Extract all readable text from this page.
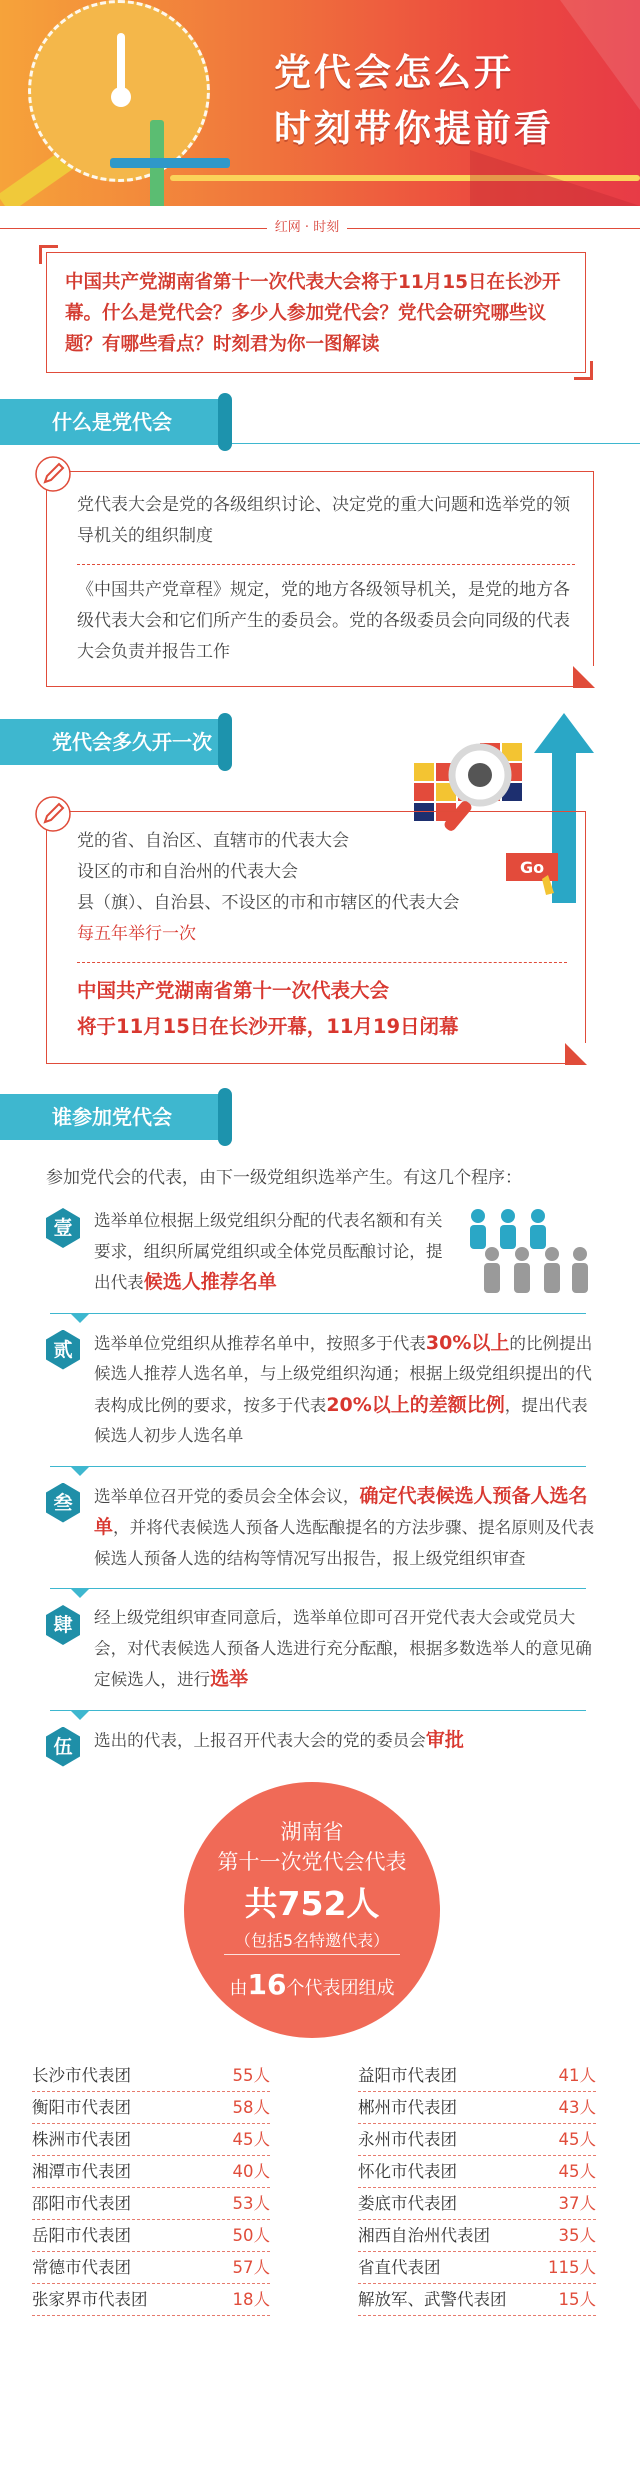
党代会怎么开
时刻带你提前看
红网 · 时刻
中国共产党湖南省第十一次代表大会将于11月15日在长沙开幕。什么是党代会？多少人参加党代会？党代会研究哪些议题？有哪些看点？时刻君为你一图解读
什么是党代会

党代表大会是党的各级组织讨论、决定党的重大问题和选举党的领导机关的组织制度

《中国共产党章程》规定，党的地方各级领导机关，是党的地方各级代表大会和它们所产生的委员会。党的各级委员会向同级的代表大会负责并报告工作

党代会多久开一次
Go
党的省、自治区、直辖市的代表大会
设区的市和自治州的代表大会
县（旗）、自治县、不设区的市和市辖区的代表大会
每五年举行一次
中国共产党湖南省第十一次代表大会
将于11月15日在长沙开幕，11月19日闭幕
谁参加党代会
参加党代会的代表，由下一级党组织选举产生。有这几个程序：
壹	选举单位根据上级党组织分配的代表名额和有关要求，组织所属党组织或全体党员酝酿讨论，提出代表候选人推荐名单
贰	选举单位党组织从推荐名单中，按照多于代表30%以上的比例提出候选人推荐人选名单，与上级党组织沟通；根据上级党组织提出的代表构成比例的要求，按多于代表20%以上的差额比例，提出代表候选人初步人选名单
叁	选举单位召开党的委员会全体会议，确定代表候选人预备人选名单，并将代表候选人预备人选酝酿提名的方法步骤、提名原则及代表候选人预备人选的结构等情况写出报告，报上级党组织审查
肆	经上级党组织审查同意后，选举单位即可召开党代表大会或党员大会，对代表候选人预备人选进行充分酝酿，根据多数选举人的意见确定候选人，进行选举
伍	选出的代表，上报召开代表大会的党的委员会审批
湖南省
第十一次党代会代表
共752人
（包括5名特邀代表）
由16个代表团组成
长沙市代表团	55人
衡阳市代表团	58人
株洲市代表团	45人
湘潭市代表团	40人
邵阳市代表团	53人
岳阳市代表团	50人
常德市代表团	57人
张家界市代表团	18人
益阳市代表团	41人
郴州市代表团	43人
永州市代表团	45人
怀化市代表团	45人
娄底市代表团	37人
湘西自治州代表团	35人
省直代表团	115人
解放军、武警代表团	15人
